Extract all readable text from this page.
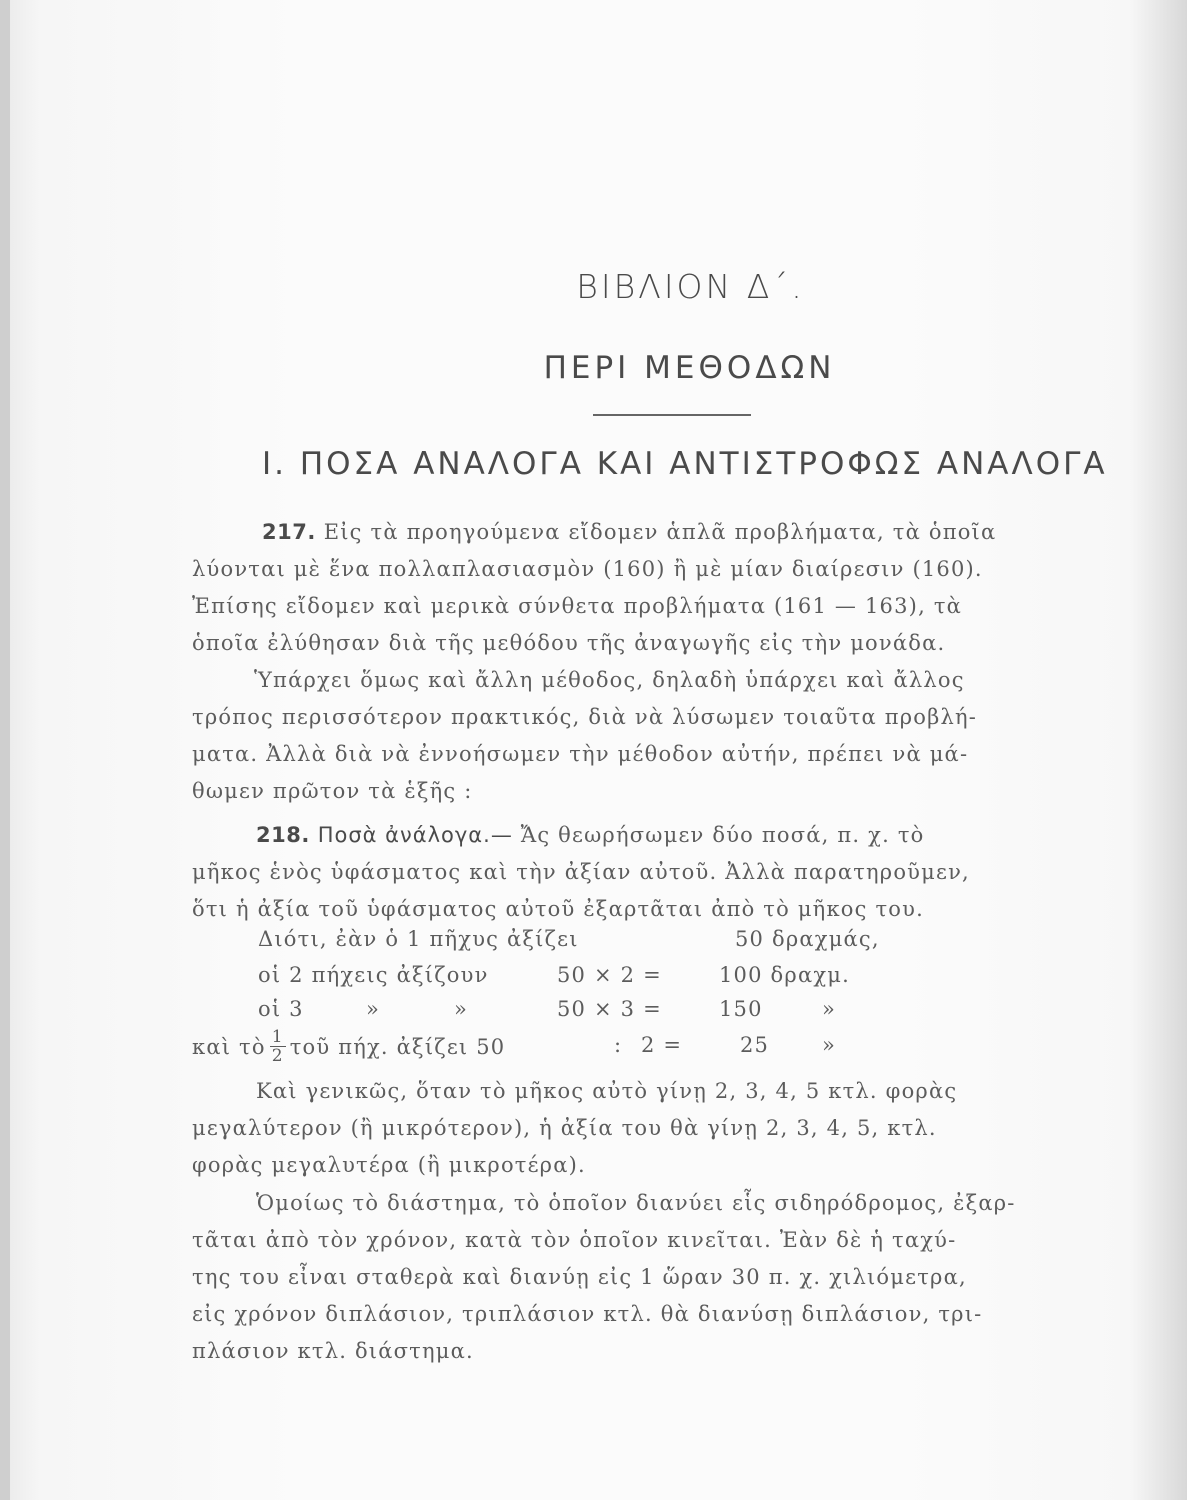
ΒΙΒΛΙΟΝ Δ΄.
ΠΕΡΙ ΜΕΘΟΔΩΝ
Ι. ΠΟΣΑ ΑΝΑΛΟΓΑ ΚΑΙ ΑΝΤΙΣΤΡΟΦΩΣ ΑΝΑΛΟΓΑ
217. Εἰς τὰ προηγούμενα εἴδομεν ἁπλᾶ προβλήματα, τὰ ὁποῖα
λύονται μὲ ἕνα πολλαπλασιασμὸν (160) ἢ μὲ μίαν διαίρεσιν (160).
Ἐπίσης εἴδομεν καὶ μερικὰ σύνθετα προβλήματα (161 — 163), τὰ
ὁποῖα ἐλύθησαν διὰ τῆς μεθόδου τῆς ἀναγωγῆς εἰς τὴν μονάδα.
Ὑπάρχει ὅμως καὶ ἄλλη μέθοδος, δηλαδὴ ὑπάρχει καὶ ἄλλος
τρόπος περισσότερον πρακτικός, διὰ νὰ λύσωμεν τοιαῦτα προβλή-
ματα. Ἀλλὰ διὰ νὰ ἐννοήσωμεν τὴν μέθοδον αὐτήν, πρέπει νὰ μά-
θωμεν πρῶτον τὰ ἑξῆς :
218. Ποσὰ ἀνάλογα.— Ἄς θεωρήσωμεν δύο ποσά, π. χ. τὸ
μῆκος ἑνὸς ὑφάσματος καὶ τὴν ἀξίαν αὐτοῦ. Ἀλλὰ παρατηροῦμεν,
ὅτι ἡ ἀξία τοῦ ὑφάσματος αὐτοῦ ἐξαρτᾶται ἀπὸ τὸ μῆκος του.
Διότι, ἐὰν ὁ 1 πῆχυς ἀξίζει	50 δραχμάς,
οἱ 2 πήχεις ἀξίζουν	50 × 2 =	100 δραχμ.
οἱ 3	»	»	50 × 3 =	150	»
καὶ τὸ $\frac{1}{2}$ τοῦ πήχ. ἀξίζει 50	: 2 =	25	»
Καὶ γενικῶς, ὅταν τὸ μῆκος αὐτὸ γίνῃ 2, 3, 4, 5 κτλ. φορὰς
μεγαλύτερον (ἢ μικρότερον), ἡ ἀξία του θὰ γίνῃ 2, 3, 4, 5, κτλ.
φορὰς μεγαλυτέρα (ἢ μικροτέρα).
Ὁμοίως τὸ διάστημα, τὸ ὁποῖον διανύει εἷς σιδηρόδρομος, ἐξαρ-
τᾶται ἀπὸ τὸν χρόνον, κατὰ τὸν ὁποῖον κινεῖται. Ἐὰν δὲ ἡ ταχύ-
της του εἶναι σταθερὰ καὶ διανύῃ εἰς 1 ὥραν 30 π. χ. χιλιόμετρα,
εἰς χρόνον διπλάσιον, τριπλάσιον κτλ. θὰ διανύσῃ διπλάσιον, τρι-
πλάσιον κτλ. διάστημα.
